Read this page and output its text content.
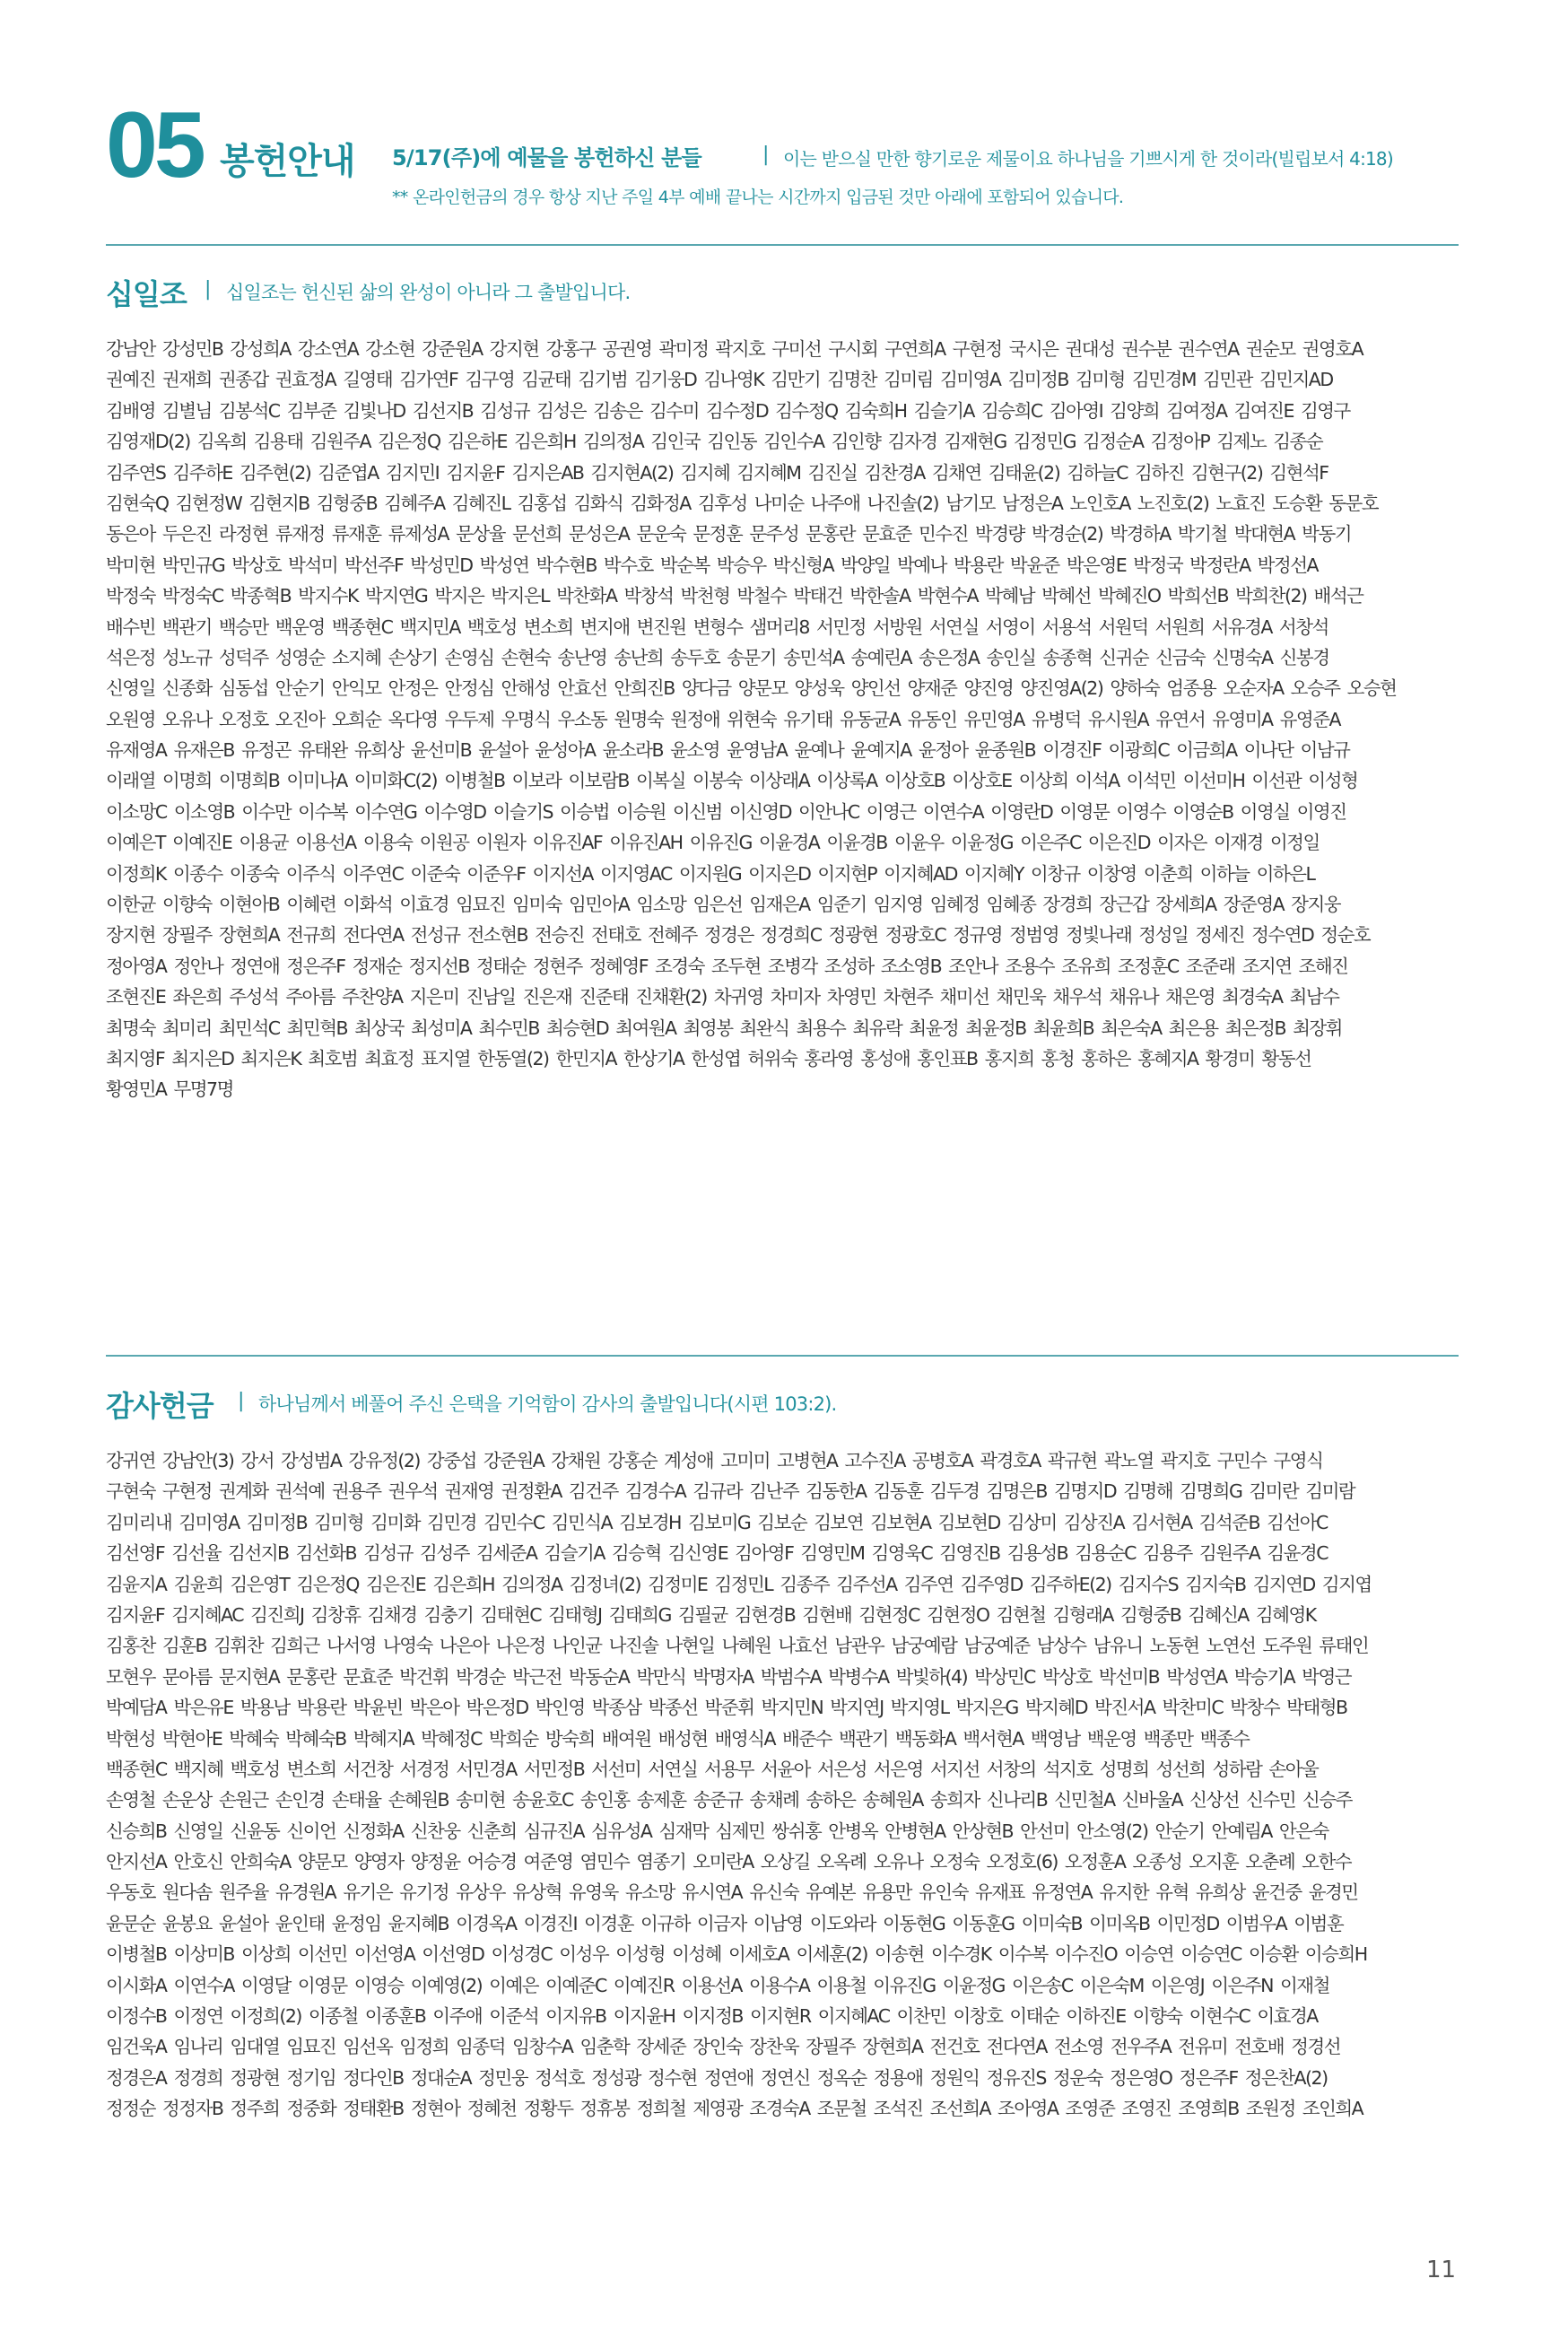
05 봉헌안내 5/17(주)에 예물을 봉헌하신 분들	| 이는 받으실 만한 향기로운 제물이요 하나님을 기쁘시게 한 것이라(빌립보서 4:18)
** 온라인헌금의 경우 항상 지난 주일 4부 예배 끝나는 시간까지 입금된 것만 아래에 포함되어 있습니다.
십일조 | 십일조는 헌신된 삶의 완성이 아니라 그 출발입니다.
강남안 강성민B 강성희A 강소연A 강소현 강준원A 강지현 강홍구 공권영 곽미정 곽지호 구미선 구시회 구연희A 구현정 국시은 권대성 권수분 권수연A 권순모 권영호A
권예진 권재희 권종갑 권효정A 길영태 김가연F 김구영 김균태 김기범 김기웅D 김나영K 김만기 김명찬 김미림 김미영A 김미정B 김미형 김민경M 김민관 김민지AD
김배영 김별님 김봉석C 김부준 김빛나D 김선지B 김성규 김성은 김송은 김수미 김수정D 김수정Q 김숙희H 김슬기A 김승희C 김아영I 김양희 김여정A 김여진E 김영구
김영재D(2) 김옥희 김용태 김원주A 김은정Q 김은하E 김은희H 김의정A 김인국 김인동 김인수A 김인향 김자경 김재현G 김정민G 김정순A 김정아P 김제노 김종순
김주연S 김주하E 김주현(2) 김준엽A 김지민I 김지윤F 김지은AB 김지현A(2) 김지혜 김지혜M 김진실 김찬경A 김채연 김태윤(2) 김하늘C 김하진 김현구(2) 김현석F
김현숙Q 김현정W 김현지B 김형중B 김혜주A 김혜진L 김홍섭 김화식 김화정A 김후성 나미순 나주애 나진솔(2) 남기모 남정은A 노인호A 노진호(2) 노효진 도승환 동문호
동은아 두은진 라정현 류재정 류재훈 류제성A 문상율 문선희 문성은A 문운숙 문정훈 문주성 문홍란 문효준 민수진 박경량 박경순(2) 박경하A 박기철 박대현A 박동기
박미현 박민규G 박상호 박석미 박선주F 박성민D 박성연 박수현B 박수호 박순복 박승우 박신형A 박양일 박예나 박용란 박윤준 박은영E 박정국 박정란A 박정선A
박정숙 박정숙C 박종혁B 박지수K 박지연G 박지은 박지은L 박찬화A 박창석 박천형 박철수 박태건 박한솔A 박현수A 박혜남 박혜선 박혜진O 박희선B 박희찬(2) 배석근
배수빈 백관기 백승만 백운영 백종현C 백지민A 백호성 변소희 변지애 변진원 변형수 샘머리8 서민정 서방원 서연실 서영이 서용석 서원덕 서원희 서유경A 서창석
석은정 성노규 성덕주 성영순 소지혜 손상기 손영심 손현숙 송난영 송난희 송두호 송문기 송민석A 송예린A 송은정A 송인실 송종혁 신귀순 신금숙 신명숙A 신봉경
신영일 신종화 심동섭 안순기 안익모 안정은 안정심 안해성 안효선 안희진B 양다금 양문모 양성욱 양인선 양재준 양진영 양진영A(2) 양하숙 엄종용 오순자A 오승주 오승현
오원영 오유나 오정호 오진아 오희순 옥다영 우두제 우명식 우소동 원명숙 원정애 위현숙 유기태 유동균A 유동인 유민영A 유병덕 유시원A 유연서 유영미A 유영준A
유재영A 유재은B 유정곤 유태완 유희상 윤선미B 윤설아 윤성아A 윤소라B 윤소영 윤영남A 윤예나 윤예지A 윤정아 윤종원B 이경진F 이광희C 이금희A 이나단 이남규
이래열 이명희 이명희B 이미나A 이미화C(2) 이병철B 이보라 이보람B 이복실 이봉숙 이상래A 이상록A 이상호B 이상호E 이상희 이석A 이석민 이선미H 이선관 이성형
이소망C 이소영B 이수만 이수복 이수연G 이수영D 이슬기S 이승법 이승원 이신범 이신영D 이안나C 이영근 이연수A 이영란D 이영문 이영수 이영순B 이영실 이영진
이예은T 이예진E 이용균 이용선A 이용숙 이원공 이원자 이유진AF 이유진AH 이유진G 이윤경A 이윤경B 이윤우 이윤정G 이은주C 이은진D 이자은 이재경 이정일
이정희K 이종수 이종숙 이주식 이주연C 이준숙 이준우F 이지선A 이지영AC 이지원G 이지은D 이지현P 이지혜AD 이지혜Y 이창규 이창영 이춘희 이하늘 이하은L
이한균 이향숙 이현아B 이혜련 이화석 이효경 임묘진 임미숙 임민아A 임소망 임은선 임재은A 임준기 임지영 임혜정 임혜종 장경희 장근갑 장세희A 장준영A 장지웅
장지현 장필주 장현희A 전규희 전다연A 전성규 전소현B 전승진 전태호 전혜주 정경은 정경희C 정광현 정광호C 정규영 정범영 정빛나래 정성일 정세진 정수연D 정순호
정아영A 정안나 정연애 정은주F 정재순 정지선B 정태순 정현주 정혜영F 조경숙 조두현 조병각 조성하 조소영B 조안나 조용수 조유희 조정훈C 조준래 조지연 조해진
조현진E 좌은희 주성석 주아름 주찬양A 지은미 진남일 진은재 진준태 진채환(2) 차귀영 차미자 차영민 차현주 채미선 채민욱 채우석 채유나 채은영 최경숙A 최남수
최명숙 최미리 최민석C 최민혁B 최상국 최성미A 최수민B 최승현D 최여원A 최영봉 최완식 최용수 최유락 최윤정 최윤정B 최윤희B 최은숙A 최은용 최은정B 최장휘
최지영F 최지은D 최지은K 최호범 최효정 표지열 한동열(2) 한민지A 한상기A 한성엽 허위숙 홍라영 홍성애 홍인표B 홍지희 홍청 홍하은 홍혜지A 황경미 황동선
황영민A 무명7명
감사헌금 | 하나님께서 베풀어 주신 은택을 기억함이 감사의 출발입니다(시편 103:2).
강귀연 강남안(3) 강서 강성범A 강유정(2) 강중섭 강준원A 강채원 강홍순 계성애 고미미 고병현A 고수진A 공병호A 곽경호A 곽규현 곽노열 곽지호 구민수 구영식
구현숙 구현정 권계화 권석예 권용주 권우석 권재영 권정환A 김건주 김경수A 김규라 김난주 김동한A 김동훈 김두경 김명은B 김명지D 김명해 김명희G 김미란 김미람
김미리내 김미영A 김미정B 김미형 김미화 김민경 김민수C 김민식A 김보경H 김보미G 김보순 김보연 김보현A 김보현D 김상미 김상진A 김서현A 김석준B 김선아C
김선영F 김선율 김선지B 김선화B 김성규 김성주 김세준A 김슬기A 김승혁 김신영E 김아영F 김영민M 김영욱C 김영진B 김용성B 김용순C 김용주 김원주A 김윤경C
김윤지A 김윤희 김은영T 김은정Q 김은진E 김은희H 김의정A 김정녀(2) 김정미E 김정민L 김종주 김주선A 김주연 김주영D 김주하E(2) 김지수S 김지숙B 김지연D 김지엽
김지윤F 김지혜AC 김진희J 김창휴 김채경 김충기 김태현C 김태형J 김태희G 김필균 김현경B 김현배 김현정C 김현정O 김현철 김형래A 김형중B 김혜신A 김혜영K
김홍찬 김훈B 김휘찬 김희근 나서영 나영숙 나은아 나은정 나인균 나진솔 나현일 나혜원 나효선 남관우 남궁예람 남궁예준 남상수 남유니 노동현 노연선 도주원 류태인
모현우 문아름 문지현A 문홍란 문효준 박건휘 박경순 박근전 박동순A 박만식 박명자A 박범수A 박병수A 박빛하(4) 박상민C 박상호 박선미B 박성연A 박승기A 박영근
박예담A 박은유E 박용남 박용란 박윤빈 박은아 박은정D 박인영 박종삼 박종선 박준휘 박지민N 박지연J 박지영L 박지은G 박지혜D 박진서A 박찬미C 박창수 박태형B
박현성 박현아E 박혜숙 박혜숙B 박혜지A 박혜정C 박희순 방숙희 배여원 배성현 배영식A 배준수 백관기 백동화A 백서현A 백영남 백운영 백종만 백종수
백종현C 백지혜 백호성 변소희 서건창 서경정 서민경A 서민정B 서선미 서연실 서용무 서윤아 서은성 서은영 서지선 서창의 석지호 성명희 성선희 성하람 손아울
손영철 손운상 손원근 손인경 손태율 손혜원B 송미현 송윤호C 송인홍 송제훈 송준규 송채례 송하은 송혜원A 송희자 신나리B 신민철A 신바울A 신상선 신수민 신승주
신승희B 신영일 신윤동 신이언 신정화A 신찬웅 신춘희 심규진A 심유성A 심재막 심제민 쌍쉬홍 안병옥 안병현A 안상현B 안선미 안소영(2) 안순기 안예림A 안은숙
안지선A 안호신 안희숙A 양문모 양영자 양정윤 어승경 여준영 염민수 염종기 오미란A 오상길 오옥례 오유나 오정숙 오정호(6) 오정훈A 오종성 오지훈 오춘례 오한수
우동호 원다솜 원주율 유경원A 유기은 유기정 유상우 유상혁 유영욱 유소망 유시연A 유신숙 유예본 유용만 유인숙 유재표 유정연A 유지한 유혁 유희상 윤건중 윤경민
윤문순 윤봉요 윤설아 윤인태 윤정임 윤지혜B 이경옥A 이경진I 이경훈 이규하 이금자 이남영 이도와라 이동현G 이동훈G 이미숙B 이미옥B 이민정D 이범우A 이범훈
이병철B 이상미B 이상희 이선민 이선영A 이선영D 이성경C 이성우 이성형 이성혜 이세호A 이세훈(2) 이송현 이수경K 이수복 이수진O 이승연 이승연C 이승환 이승희H
이시화A 이연수A 이영달 이영문 이영승 이예영(2) 이예은 이예준C 이예진R 이용선A 이용수A 이용철 이유진G 이윤정G 이은송C 이은숙M 이은영J 이은주N 이재철
이정수B 이정연 이정희(2) 이종철 이종훈B 이주애 이준석 이지유B 이지윤H 이지정B 이지현R 이지혜AC 이찬민 이창호 이태순 이하진E 이향숙 이현수C 이효경A
임건욱A 임나리 임대열 임묘진 임선옥 임정희 임종덕 임창수A 임춘학 장세준 장인숙 장찬욱 장필주 장현희A 전건호 전다연A 전소영 전우주A 전유미 전호배 정경선
정경은A 정경희 정광현 정기임 정다인B 정대순A 정민웅 정석호 정성광 정수현 정연애 정연신 정옥순 정용애 정원익 정유진S 정운숙 정은영O 정은주F 정은찬A(2)
정정순 정정자B 정주희 정중화 정태환B 정현아 정혜천 정황두 정휴봉 정희철 제영광 조경숙A 조문철 조석진 조선희A 조아영A 조영준 조영진 조영희B 조원정 조인희A
11
